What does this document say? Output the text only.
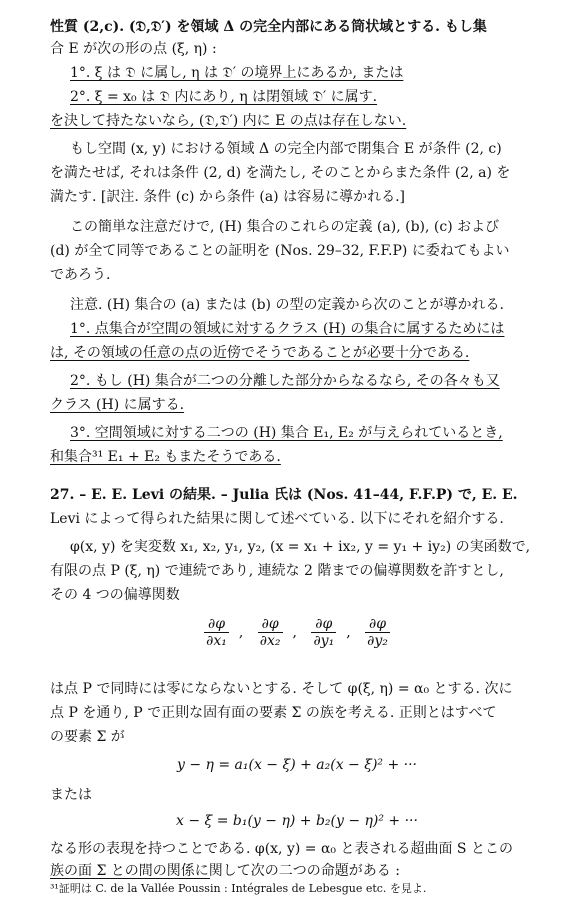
性質 (2,c). (𝔇,𝔇′) を領域 Δ の完全内部にある筒状域とする. もし集
合 E が次の形の点 (ξ, η) :
1°. ξ は 𝔇 に属し, η は 𝔇′ の境界上にあるか, または
2°. ξ = x₀ は 𝔇 内にあり, η は閉領域 𝔇′ に属す.
を決して持たないなら, (𝔇,𝔇′) 内に E の点は存在しない.
もし空間 (x, y) における領域 Δ の完全内部で閉集合 E が条件 (2, c)
を満たせば, それは条件 (2, d) を満たし, そのことからまた条件 (2, a) を
満たす. [訳注. 条件 (c) から条件 (a) は容易に導かれる.]
この簡単な注意だけで, (H) 集合のこれらの定義 (a), (b), (c) および
(d) が全て同等であることの証明を (Nos. 29–32, F.F.P) に委ねてもよい
であろう.
注意. (H) 集合の (a) または (b) の型の定義から次のことが導かれる.
1°. 点集合が空間の領域に対するクラス (H) の集合に属するためには
は, その領域の任意の点の近傍でそうであることが必要十分である.
2°. もし (H) 集合が二つの分離した部分からなるなら, その各々も又
クラス (H) に属する.
3°. 空間領域に対する二つの (H) 集合 E₁, E₂ が与えられているとき,
和集合³¹ E₁ + E₂ もまたそうである.
27. – E. E. Levi の結果. – Julia 氏は (Nos. 41–44, F.F.P) で, E. E.
Levi によって得られた結果に関して述べている. 以下にそれを紹介する.
φ(x, y) を実変数 x₁, x₂, y₁, y₂, (x = x₁ + ix₂, y = y₁ + iy₂) の実函数で,
有限の点 P (ξ, η) で連続であり, 連続な 2 階までの偏導関数を許すとし,
その 4 つの偏導関数
$\frac{\partial\varphi}{\text{∂x₁}}$ , $\frac{\partial\varphi}{\text{∂x₂}}$ , $\frac{\partial\varphi}{\text{∂y₁}}$ , $\frac{\partial\varphi}{\text{∂y₂}}$
は点 P で同時には零にならないとする. そして φ(ξ, η) = α₀ とする. 次に
点 P を通り, P で正則な固有面の要素 Σ の族を考える. 正則とはすべて
の要素 Σ が
y − η = a₁(x − ξ) + a₂(x − ξ)² + ···
または
x − ξ = b₁(y − η) + b₂(y − η)² + ···
なる形の表現を持つことである. φ(x, y) = α₀ と表される超曲面 S とこの
族の面 Σ との間の関係に関して次の二つの命題がある :
³¹証明は C. de la Vallée Poussin : Intégrales de Lebesgue etc. を見よ.
